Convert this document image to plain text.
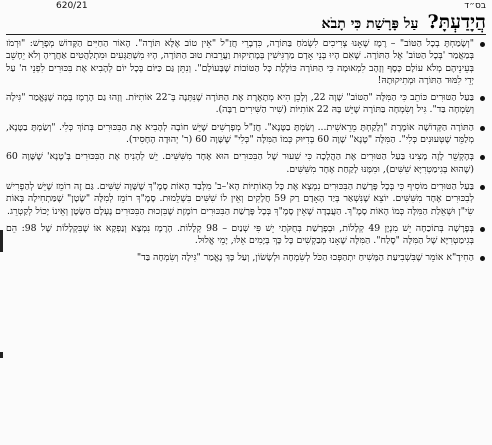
620/21	בס״ד
הֲיָדַעְתָּ? עַל פָּרָשַׁת כִּי תָבֹא

"וְשָׂמַחְתָּ בְכָל הַטּוֹב" – רֶמֶז שֶׁאָנוּ צְרִיכִים לִשְׂמֹחַ בַּתּוֹרָה, כִּדְבָרֵי חֲזַ"ל "אֵין טוֹב אֶלָּא תּוֹרָה". הָאוֹר הַחַיִּים הַקָּדוֹשׁ מְפָרֵשׁ: "וּרְמֹז בְּמַאֲמַר 'בְּכָל הַטּוֹב' אֶל הַתּוֹרָה. שֶׁאִם הָיוּ בְּנֵי אָדָם מַרְגִּישִׁין בְּמָתִיקוּת וַעֲרֵבוּת טוּב הַתּוֹרָה, הָיוּ מִשְׁתַּגְּעִים וּמִתְלַהֲטִים אַחֲרֶיהָ וְלֹא יֵחָשֵׁב בְּעֵינֵיהֶם מְלֹא עוֹלָם כֶּסֶף וְזָהָב לִמְאוּמָה כִּי הַתּוֹרָה כּוֹלֶלֶת כָּל הַטּוֹבוֹת שֶׁבָּעוֹלָם". וְנִתֵּן גַּם כַּיּוֹם בְּכָל יוֹם לְהָבִיא אֶת בִּכּוּרִים לִפְנֵי ה' עַל יְדֵי לִמּוּד הַתּוֹרָה וּמְתִיקוּתָהּ!

בַּעַל הַטּוּרִים כּוֹתֵב כִּי הַמִּלָּה "הַטּוֹב" שָׁוָה 22, וְלָכֵן הִיא מְתָאֶרֶת אֶת הַתּוֹרָה שֶׁנִּתְּנָה בְּ־22 אוֹתִיּוֹת. וְזֶהוּ גַם הָרֶמֶז בְּמָה שֶׁנֶּאֱמַר "גִּילָה וְשִׂמְחָה בַּד". גִּיל וְשִׂמְחָה בַּתּוֹרָה שֶׁיֵּשׁ בָּהּ 22 אוֹתִיּוֹת (שִׁיר הַשִּׁירִים רַבָּה).

הַתּוֹרָה הַקְּדוֹשָׁה אוֹמֶרֶת "וְלָקַחְתָּ מֵרֵאשִׁית... וְשַׂמְתָּ בַטֶּנֶא". חֲזַ"ל מְפָרְשִׁים שֶׁיֵּשׁ חוֹבָה לְהָבִיא אֶת הַבִּכּוּרִים בְּתוֹךְ כְּלִי. "וְשַׂמְתָּ בַטֶּנֶא, מְלַמֵּד שֶׁטְּעוּנִים כְּלִי". הַמִּלָּה "טֶנֶא" שָׁוָה 60 בְּדִיּוּק כְּמוֹ הַמִּלָּה "כְּלִי" שֶׁשָּׁוָה 60 (ר' יְהוּדָה הֶחָסִיד).

בְּהֶקְשֵׁר לָזֶה מָצִינוּ בַּעַל הַטּוּרִים אֶת הַהֲלָכָה כִּי שִׁעוּר שֶׁל הַבִּכּוּרִים הוּא אֶחָד מִשִּׁשִּׁים. יֵשׁ לְהָנִיחַ אֶת הַבִּכּוּרִים בְּ'טֶנֶא' שֶׁשָּׁוֶה 60 (שֶׁהוּא בְּגִימַטְרִיָּא שִׁשִּׁים), וּמִמֶּנּוּ לָקַחַת אֶחָד מִשִּׁשִּׁים.

בַּעַל הַטּוּרִים מוֹסִיף כִּי בְּכָל פָּרָשַׁת הַבִּכּוּרִים נִמְצָא אֶת כָּל הָאוֹתִיּוֹת הָא'–ב' מִלְּבַד הָאוֹת סָמֶ"ךְ שֶׁשָּׁוָה שִׁשִּׁים. גַּם זֶה רוֹמֵז שֶׁיֵּשׁ לְהַפְרִישׁ לְבִכּוּרִים אֶחָד מִשִּׁשִּׁים. יוֹצֵא שֶׁנִּשְׁאַר בְּיַד הָאָדָם רַק 59 חֲלָקִים וְאֵין לוֹ שִׁשִּׁים בִּשְׁלֵמוּת. סָמֶ"ךְ רוֹמֵז לְמִלָּה "שָׂטָן" שֶׁמַּתְחִילָה בְּאוֹת שִׂי"ן וּשְׁאֵלַת הַמִּלָּה כְּמוֹ הָאוֹת סָמֶ"ךְ. הַעֲבָדָה שֶׁאֵין סָמֶ"ךְ בְּכָל פָּרָשַׁת הַבִּכּוּרִים רוֹמֶזֶת שֶׁבִּזְכוּת הַבִּכּוּרִים נֶעְלָם הַשָּׂטָן וְאֵינוֹ יָכוֹל לְקַטְרֵג.

בְּפָרָשָׁה בְּתוֹכַחָה יֵשׁ מִנְיָן 49 קְלָלוֹת, וּבְפָרָשַׁת בְּחֻקֹּתַי יֵשׁ פִּי שְׁנַיִם – 98 קְלָלוֹת. הָרֶמֶז נִמְצָא וְנַפְקָא אוֹ שֶׁבִּקְלָלוֹת שֶׁל 98: הֵם בְּגִימַטְרִיָּא שֶׁל הַמִּלָּה "סֶלַח". הַמִּלָּה שֶׁאָנוּ מְבַקְשִׁים כָּל כָּךְ בְּיָמִים אֵלּוּ, יָמֵי אֱלוּל.

הַחִידָ"א אוֹמֵר שֶׁבִּשְׁבִיעַת הַמָּשִׁיחַ יִתְהַפְּכוּ הַכֹּל לְשִׂמְחָה וּלְשָׂשׂוֹן, וְעַל כָּךְ נֶאֱמַר "גִּילָה וְשִׂמְחָה בַּד"
